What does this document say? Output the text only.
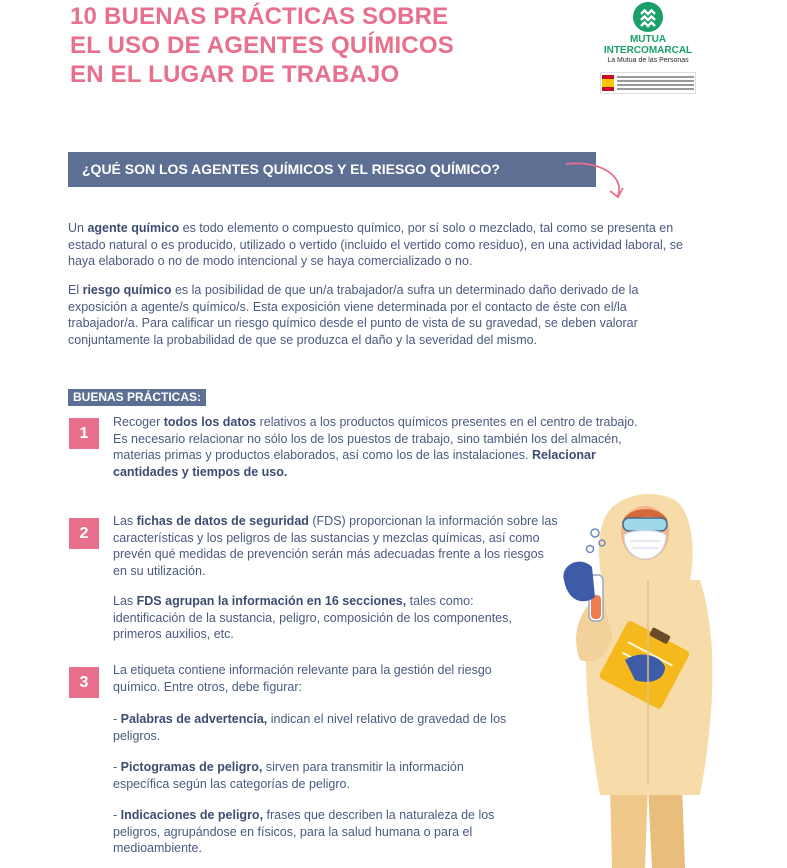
10 BUENAS PRÁCTICAS SOBRE
EL USO DE AGENTES QUÍMICOS
EN EL LUGAR DE TRABAJO
MUTUA
INTERCOMARCAL
La Mutua de las Personas
¿QUÉ SON LOS AGENTES QUÍMICOS Y EL RIESGO QUÍMICO?

Un agente químico es todo elemento o compuesto químico, por sí solo o mezclado, tal como se presenta en estado natural o es producido, utilizado o vertido (incluido el vertido como residuo), en una actividad laboral, se haya elaborado o no de modo intencional y se haya comercializado o no.

El riesgo químico es la posibilidad de que un/a trabajador/a sufra un determinado daño derivado de la exposición a agente/s químico/s. Esta exposición viene determinada por el contacto de éste con el/la trabajador/a. Para calificar un riesgo químico desde el punto de vista de su gravedad, se deben valorar conjuntamente la probabilidad de que se produzca el daño y la severidad del mismo.

BUENAS PRÁCTICAS:
1

Recoger todos los datos relativos a los productos químicos presentes en el centro de trabajo. Es necesario relacionar no sólo los de los puestos de trabajo, sino también los del almacén, materias primas y productos elaborados, así como los de las instalaciones. Relacionar cantidades y tiempos de uso.

2

Las fichas de datos de seguridad (FDS) proporcionan la información sobre las características y los peligros de las sustancias y mezclas químicas, así como prevén qué medidas de prevención serán más adecuadas frente a los riesgos en su utilización.

Las FDS agrupan la información en 16 secciones, tales como: identificación de la sustancia, peligro, composición de los componentes, primeros auxilios, etc.

3

La etiqueta contiene información relevante para la gestión del riesgo químico. Entre otros, debe figurar:

- Palabras de advertencia, indican el nivel relativo de gravedad de los peligros.

- Pictogramas de peligro, sirven para transmitir la información específica según las categorías de peligro.

- Indicaciones de peligro, frases que describen la naturaleza de los peligros, agrupándose en físicos, para la salud humana o para el medioambiente.
